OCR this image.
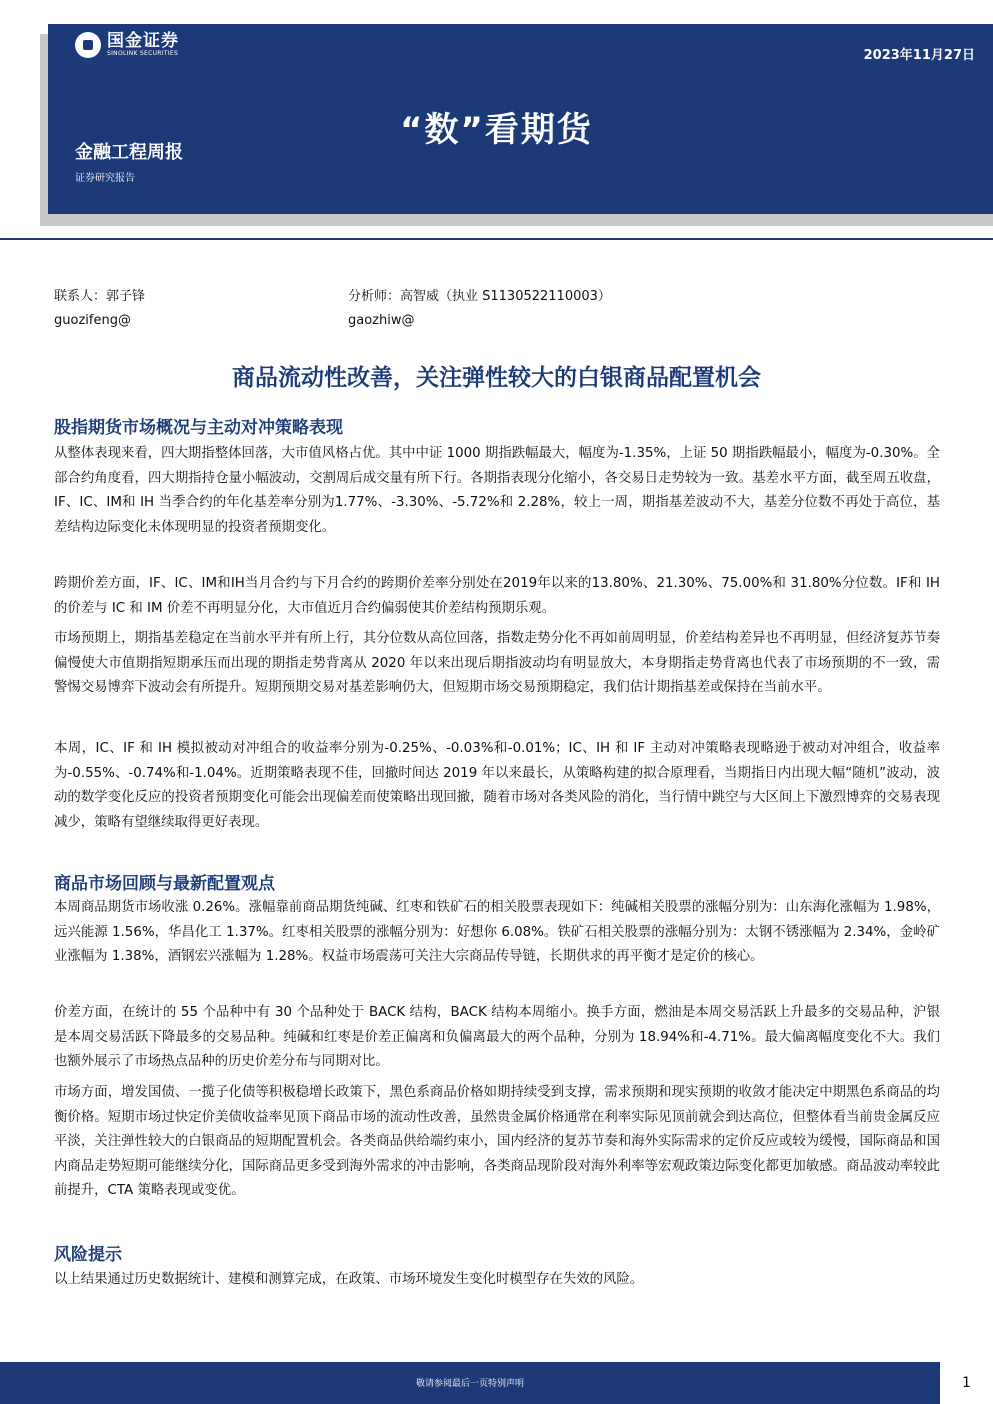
国金证券
SINOLINK SECURITIES	2023年11月27日
“数”看期货
金融工程周报
证券研究报告
联系人：郭子锋
guozifeng@
分析师：高智威（执业 S1130522110003）
gaozhiw@
商品流动性改善，关注弹性较大的白银商品配置机会
股指期货市场概况与主动对冲策略表现

从整体表现来看，四大期指整体回落，大市值风格占优。其中中证 1000 期指跌幅最大，幅度为-1.35%，上证 50 期指跌幅最小，幅度为-0.30%。全部合约角度看，四大期指持仓量小幅波动，交割周后成交量有所下行。各期指表现分化缩小，各交易日走势较为一致。基差水平方面，截至周五收盘，IF、IC、IM和 IH 当季合约的年化基差率分别为1.77%、-3.30%、-5.72%和 2.28%，较上一周，期指基差波动不大，基差分位数不再处于高位，基差结构边际变化未体现明显的投资者预期变化。

跨期价差方面，IF、IC、IM和IH当月合约与下月合约的跨期价差率分别处在2019年以来的13.80%、21.30%、75.00%和 31.80%分位数。IF和 IH 的价差与 IC 和 IM 价差不再明显分化，大市值近月合约偏弱使其价差结构预期乐观。

市场预期上，期指基差稳定在当前水平并有所上行，其分位数从高位回落，指数走势分化不再如前周明显，价差结构差异也不再明显，但经济复苏节奏偏慢使大市值期指短期承压而出现的期指走势背离从 2020 年以来出现后期指波动均有明显放大，本身期指走势背离也代表了市场预期的不一致，需警惕交易博弈下波动会有所提升。短期预期交易对基差影响仍大，但短期市场交易预期稳定，我们估计期指基差或保持在当前水平。

本周，IC、IF 和 IH 模拟被动对冲组合的收益率分别为-0.25%、-0.03%和-0.01%；IC、IH 和 IF 主动对冲策略表现略逊于被动对冲组合，收益率为-0.55%、-0.74%和-1.04%。近期策略表现不佳，回撤时间达 2019 年以来最长，从策略构建的拟合原理看，当期指日内出现大幅“随机”波动，波动的数学变化反应的投资者预期变化可能会出现偏差而使策略出现回撤，随着市场对各类风险的消化，当行情中跳空与大区间上下激烈博弈的交易表现减少，策略有望继续取得更好表现。

商品市场回顾与最新配置观点

本周商品期货市场收涨 0.26%。涨幅靠前商品期货纯碱、红枣和铁矿石的相关股票表现如下：纯碱相关股票的涨幅分别为：山东海化涨幅为 1.98%，远兴能源 1.56%，华昌化工 1.37%。红枣相关股票的涨幅分别为：好想你 6.08%。铁矿石相关股票的涨幅分别为：太钢不锈涨幅为 2.34%，金岭矿业涨幅为 1.38%，酒钢宏兴涨幅为 1.28%。权益市场震荡可关注大宗商品传导链，长期供求的再平衡才是定价的核心。

价差方面，在统计的 55 个品种中有 30 个品种处于 BACK 结构，BACK 结构本周缩小。换手方面，燃油是本周交易活跃上升最多的交易品种，沪银是本周交易活跃下降最多的交易品种。纯碱和红枣是价差正偏离和负偏离最大的两个品种，分别为 18.94%和-4.71%。最大偏离幅度变化不大。我们也额外展示了市场热点品种的历史价差分布与同期对比。

市场方面，增发国债、一揽子化债等积极稳增长政策下，黑色系商品价格如期持续受到支撑，需求预期和现实预期的收敛才能决定中期黑色系商品的均衡价格。短期市场过快定价美债收益率见顶下商品市场的流动性改善，虽然贵金属价格通常在利率实际见顶前就会到达高位，但整体看当前贵金属反应平淡，关注弹性较大的白银商品的短期配置机会。各类商品供给端约束小，国内经济的复苏节奏和海外实际需求的定价反应或较为缓慢，国际商品和国内商品走势短期可能继续分化，国际商品更多受到海外需求的冲击影响，各类商品现阶段对海外利率等宏观政策边际变化都更加敏感。商品波动率较此前提升，CTA 策略表现或变优。

风险提示

以上结果通过历史数据统计、建模和测算完成，在政策、市场环境发生变化时模型存在失效的风险。

敬请参阅最后一页特别声明	1
